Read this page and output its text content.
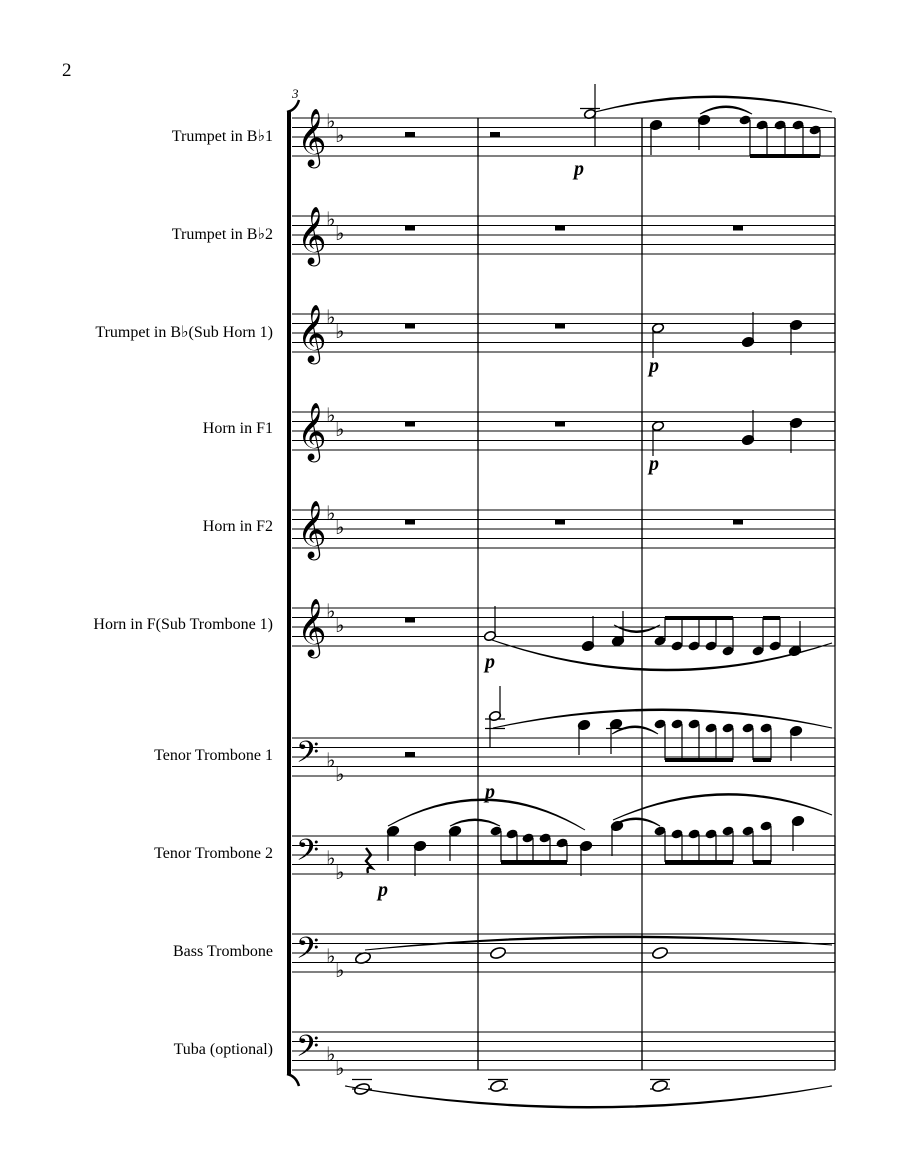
2
Trumpet in B♭1
Trumpet in B♭2
Trumpet in B♭(Sub Horn 1)
Horn in F1
Horn in F2
Horn in F(Sub Trombone 1)
Tenor Trombone 1
Tenor Trombone 2
Bass Trombone
Tuba (optional)
3
𝄞 ♭
♭
𝄞 ♭
♭
𝄞 ♭
♭
𝄞 ♭
♭
𝄞 ♭
♭
𝄞 ♭
♭
𝄢 ♭
♭
𝄢 ♭
♭
𝄢 ♭
♭
𝄢 ♭
♭
p
p
p
p
p
p
